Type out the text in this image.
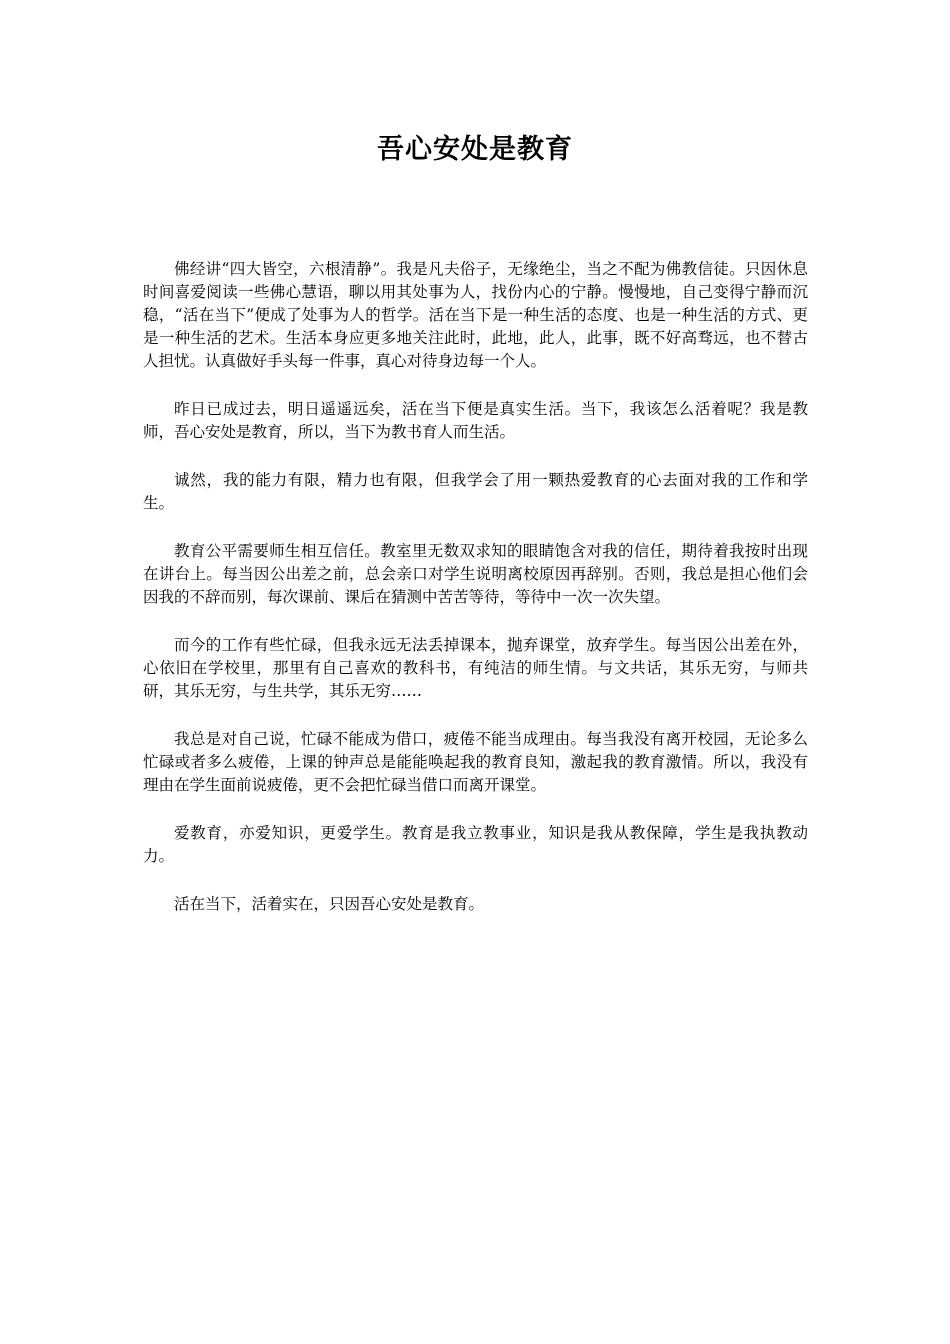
吾心安处是教育

佛经讲“四大皆空，六根清静”。我是凡夫俗子，无缘绝尘，当之不配为佛教信徒。只因休息时间喜爱阅读一些佛心慧语，聊以用其处事为人，找份内心的宁静。慢慢地，自己变得宁静而沉稳，“活在当下”便成了处事为人的哲学。活在当下是一种生活的态度、也是一种生活的方式、更是一种生活的艺术。生活本身应更多地关注此时，此地，此人，此事，既不好高骛远，也不替古人担忧。认真做好手头每一件事，真心对待身边每一个人。

昨日已成过去，明日遥遥远矣，活在当下便是真实生活。当下，我该怎么活着呢？我是教师，吾心安处是教育，所以，当下为教书育人而生活。

诚然，我的能力有限，精力也有限，但我学会了用一颗热爱教育的心去面对我的工作和学生。

教育公平需要师生相互信任。教室里无数双求知的眼睛饱含对我的信任，期待着我按时出现在讲台上。每当因公出差之前，总会亲口对学生说明离校原因再辞别。否则，我总是担心他们会因我的不辞而别，每次课前、课后在猜测中苦苦等待，等待中一次一次失望。

而今的工作有些忙碌，但我永远无法丢掉课本，抛弃课堂，放弃学生。每当因公出差在外，心依旧在学校里，那里有自己喜欢的教科书，有纯洁的师生情。与文共话，其乐无穷，与师共研，其乐无穷，与生共学，其乐无穷……

我总是对自己说，忙碌不能成为借口，疲倦不能当成理由。每当我没有离开校园，无论多么忙碌或者多么疲倦，上课的钟声总是能能唤起我的教育良知，激起我的教育激情。所以，我没有理由在学生面前说疲倦，更不会把忙碌当借口而离开课堂。

爱教育，亦爱知识，更爱学生。教育是我立教事业，知识是我从教保障，学生是我执教动力。

活在当下，活着实在，只因吾心安处是教育。
